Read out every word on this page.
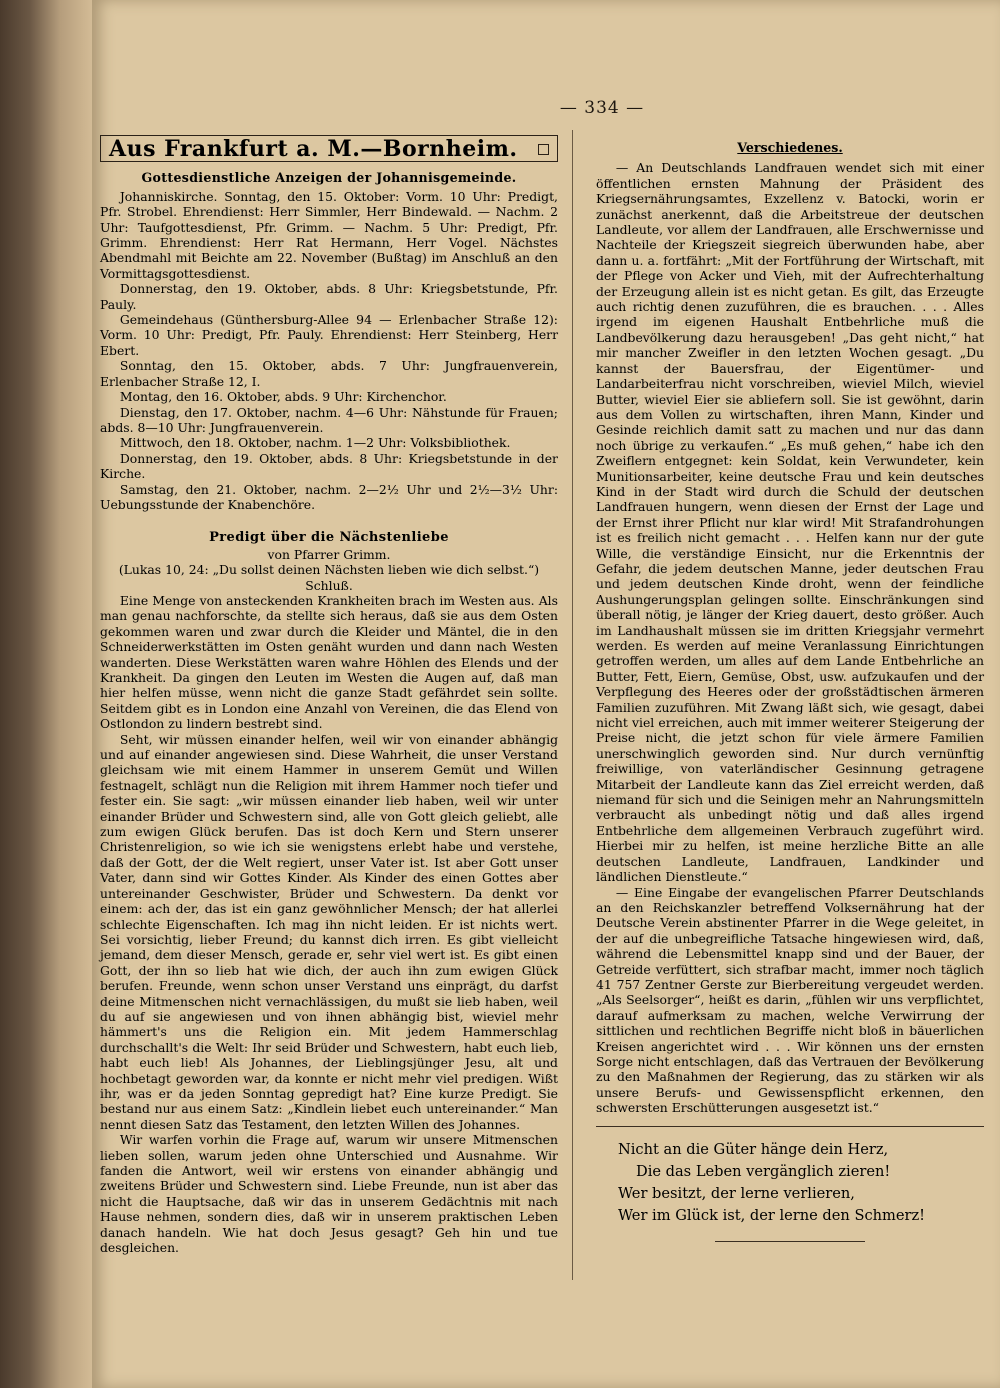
— 334 —
Aus Frankfurt a. M.—Bornheim.
Gottesdienstliche Anzeigen der Johannisgemeinde.

Johanniskirche. Sonntag, den 15. Oktober: Vorm. 10 Uhr: Predigt, Pfr. Strobel. Ehrendienst: Herr Simmler, Herr Bindewald. — Nachm. 2 Uhr: Taufgottesdienst, Pfr. Grimm. — Nachm. 5 Uhr: Predigt, Pfr. Grimm. Ehrendienst: Herr Rat Hermann, Herr Vogel. Nächstes Abendmahl mit Beichte am 22. November (Bußtag) im Anschluß an den Vormittagsgottesdienst.

Donnerstag, den 19. Oktober, abds. 8 Uhr: Kriegsbetstunde, Pfr. Pauly.

Gemeindehaus (Günthersburg-Allee 94 — Erlenbacher Straße 12): Vorm. 10 Uhr: Predigt, Pfr. Pauly. Ehrendienst: Herr Steinberg, Herr Ebert.

Sonntag, den 15. Oktober, abds. 7 Uhr: Jungfrauenverein, Erlenbacher Straße 12, I.

Montag, den 16. Oktober, abds. 9 Uhr: Kirchenchor.

Dienstag, den 17. Oktober, nachm. 4—6 Uhr: Nähstunde für Frauen; abds. 8—10 Uhr: Jungfrauenverein.

Mittwoch, den 18. Oktober, nachm. 1—2 Uhr: Volksbibliothek.

Donnerstag, den 19. Oktober, abds. 8 Uhr: Kriegsbetstunde in der Kirche.

Samstag, den 21. Oktober, nachm. 2—2½ Uhr und 2½—3½ Uhr: Uebungsstunde der Knabenchöre.

Predigt über die Nächstenliebe

von Pfarrer Grimm.

(Lukas 10, 24: „Du sollst deinen Nächsten lieben wie dich selbst.“)

Schluß.

Eine Menge von ansteckenden Krankheiten brach im Westen aus. Als man genau nachforschte, da stellte sich heraus, daß sie aus dem Osten gekommen waren und zwar durch die Kleider und Mäntel, die in den Schneiderwerkstätten im Osten genäht wurden und dann nach Westen wanderten. Diese Werkstätten waren wahre Höhlen des Elends und der Krankheit. Da gingen den Leuten im Westen die Augen auf, daß man hier helfen müsse, wenn nicht die ganze Stadt gefährdet sein sollte. Seitdem gibt es in London eine Anzahl von Vereinen, die das Elend von Ostlondon zu lindern bestrebt sind.

Seht, wir müssen einander helfen, weil wir von einander abhängig und auf einander angewiesen sind. Diese Wahrheit, die unser Verstand gleichsam wie mit einem Hammer in unserem Gemüt und Willen festnagelt, schlägt nun die Religion mit ihrem Hammer noch tiefer und fester ein. Sie sagt: „wir müssen einander lieb haben, weil wir unter einander Brüder und Schwestern sind, alle von Gott gleich geliebt, alle zum ewigen Glück berufen. Das ist doch Kern und Stern unserer Christenreligion, so wie ich sie wenigstens erlebt habe und verstehe, daß der Gott, der die Welt regiert, unser Vater ist. Ist aber Gott unser Vater, dann sind wir Gottes Kinder. Als Kinder des einen Gottes aber untereinander Geschwister, Brüder und Schwestern. Da denkt vor einem: ach der, das ist ein ganz gewöhnlicher Mensch; der hat allerlei schlechte Eigenschaften. Ich mag ihn nicht leiden. Er ist nichts wert. Sei vorsichtig, lieber Freund; du kannst dich irren. Es gibt vielleicht jemand, dem dieser Mensch, gerade er, sehr viel wert ist. Es gibt einen Gott, der ihn so lieb hat wie dich, der auch ihn zum ewigen Glück berufen. Freunde, wenn schon unser Verstand uns einprägt, du darfst deine Mitmenschen nicht vernachlässigen, du mußt sie lieb haben, weil du auf sie angewiesen und von ihnen abhängig bist, wieviel mehr hämmert's uns die Religion ein. Mit jedem Hammerschlag durchschallt's die Welt: Ihr seid Brüder und Schwestern, habt euch lieb, habt euch lieb! Als Johannes, der Lieblingsjünger Jesu, alt und hochbetagt geworden war, da konnte er nicht mehr viel predigen. Wißt ihr, was er da jeden Sonntag gepredigt hat? Eine kurze Predigt. Sie bestand nur aus einem Satz: „Kindlein liebet euch untereinander.“ Man nennt diesen Satz das Testament, den letzten Willen des Johannes.

Wir warfen vorhin die Frage auf, warum wir unsere Mitmenschen lieben sollen, warum jeden ohne Unterschied und Ausnahme. Wir fanden die Antwort, weil wir erstens von einander abhängig und zweitens Brüder und Schwestern sind. Liebe Freunde, nun ist aber das nicht die Hauptsache, daß wir das in unserem Gedächtnis mit nach Hause nehmen, sondern dies, daß wir in unserem praktischen Leben danach handeln. Wie hat doch Jesus gesagt? Geh hin und tue desgleichen.

Verschiedenes.

— An Deutschlands Landfrauen wendet sich mit einer öffentlichen ernsten Mahnung der Präsident des Kriegsernährungsamtes, Exzellenz v. Batocki, worin er zunächst anerkennt, daß die Arbeitstreue der deutschen Landleute, vor allem der Landfrauen, alle Erschwernisse und Nachteile der Kriegszeit siegreich überwunden habe, aber dann u. a. fortfährt: „Mit der Fortführung der Wirtschaft, mit der Pflege von Acker und Vieh, mit der Aufrechterhaltung der Erzeugung allein ist es nicht getan. Es gilt, das Erzeugte auch richtig denen zuzuführen, die es brauchen. . . . Alles irgend im eigenen Haushalt Entbehrliche muß die Landbevölkerung dazu herausgeben! „Das geht nicht,“ hat mir mancher Zweifler in den letzten Wochen gesagt. „Du kannst der Bauersfrau, der Eigentümer- und Landarbeiterfrau nicht vorschreiben, wieviel Milch, wieviel Butter, wieviel Eier sie abliefern soll. Sie ist gewöhnt, darin aus dem Vollen zu wirtschaften, ihren Mann, Kinder und Gesinde reichlich damit satt zu machen und nur das dann noch übrige zu verkaufen.“ „Es muß gehen,“ habe ich den Zweiflern entgegnet: kein Soldat, kein Verwundeter, kein Munitionsarbeiter, keine deutsche Frau und kein deutsches Kind in der Stadt wird durch die Schuld der deutschen Landfrauen hungern, wenn diesen der Ernst der Lage und der Ernst ihrer Pflicht nur klar wird! Mit Strafandrohungen ist es freilich nicht gemacht . . . Helfen kann nur der gute Wille, die verständige Einsicht, nur die Erkenntnis der Gefahr, die jedem deutschen Manne, jeder deutschen Frau und jedem deutschen Kinde droht, wenn der feindliche Aushungerungsplan gelingen sollte. Einschränkungen sind überall nötig, je länger der Krieg dauert, desto größer. Auch im Landhaushalt müssen sie im dritten Kriegsjahr vermehrt werden. Es werden auf meine Veranlassung Einrichtungen getroffen werden, um alles auf dem Lande Entbehrliche an Butter, Fett, Eiern, Gemüse, Obst, usw. aufzukaufen und der Verpflegung des Heeres oder der großstädtischen ärmeren Familien zuzuführen. Mit Zwang läßt sich, wie gesagt, dabei nicht viel erreichen, auch mit immer weiterer Steigerung der Preise nicht, die jetzt schon für viele ärmere Familien unerschwinglich geworden sind. Nur durch vernünftig freiwillige, von vaterländischer Gesinnung getragene Mitarbeit der Landleute kann das Ziel erreicht werden, daß niemand für sich und die Seinigen mehr an Nahrungsmitteln verbraucht als unbedingt nötig und daß alles irgend Entbehrliche dem allgemeinen Verbrauch zugeführt wird. Hierbei mir zu helfen, ist meine herzliche Bitte an alle deutschen Landleute, Landfrauen, Landkinder und ländlichen Dienstleute.“

— Eine Eingabe der evangelischen Pfarrer Deutschlands an den Reichskanzler betreffend Volksernährung hat der Deutsche Verein abstinenter Pfarrer in die Wege geleitet, in der auf die unbegreifliche Tatsache hingewiesen wird, daß, während die Lebensmittel knapp sind und der Bauer, der Getreide verfüttert, sich strafbar macht, immer noch täglich 41 757 Zentner Gerste zur Bierbereitung vergeudet werden. „Als Seelsorger“, heißt es darin, „fühlen wir uns verpflichtet, darauf aufmerksam zu machen, welche Verwirrung der sittlichen und rechtlichen Begriffe nicht bloß in bäuerlichen Kreisen angerichtet wird . . . Wir können uns der ernsten Sorge nicht entschlagen, daß das Vertrauen der Bevölkerung zu den Maßnahmen der Regierung, das zu stärken wir als unsere Berufs- und Gewissenspflicht erkennen, den schwersten Erschütterungen ausgesetzt ist.“

Nicht an die Güter hänge dein Herz,
Die das Leben vergänglich zieren!
Wer besitzt, der lerne verlieren,
Wer im Glück ist, der lerne den Schmerz!
